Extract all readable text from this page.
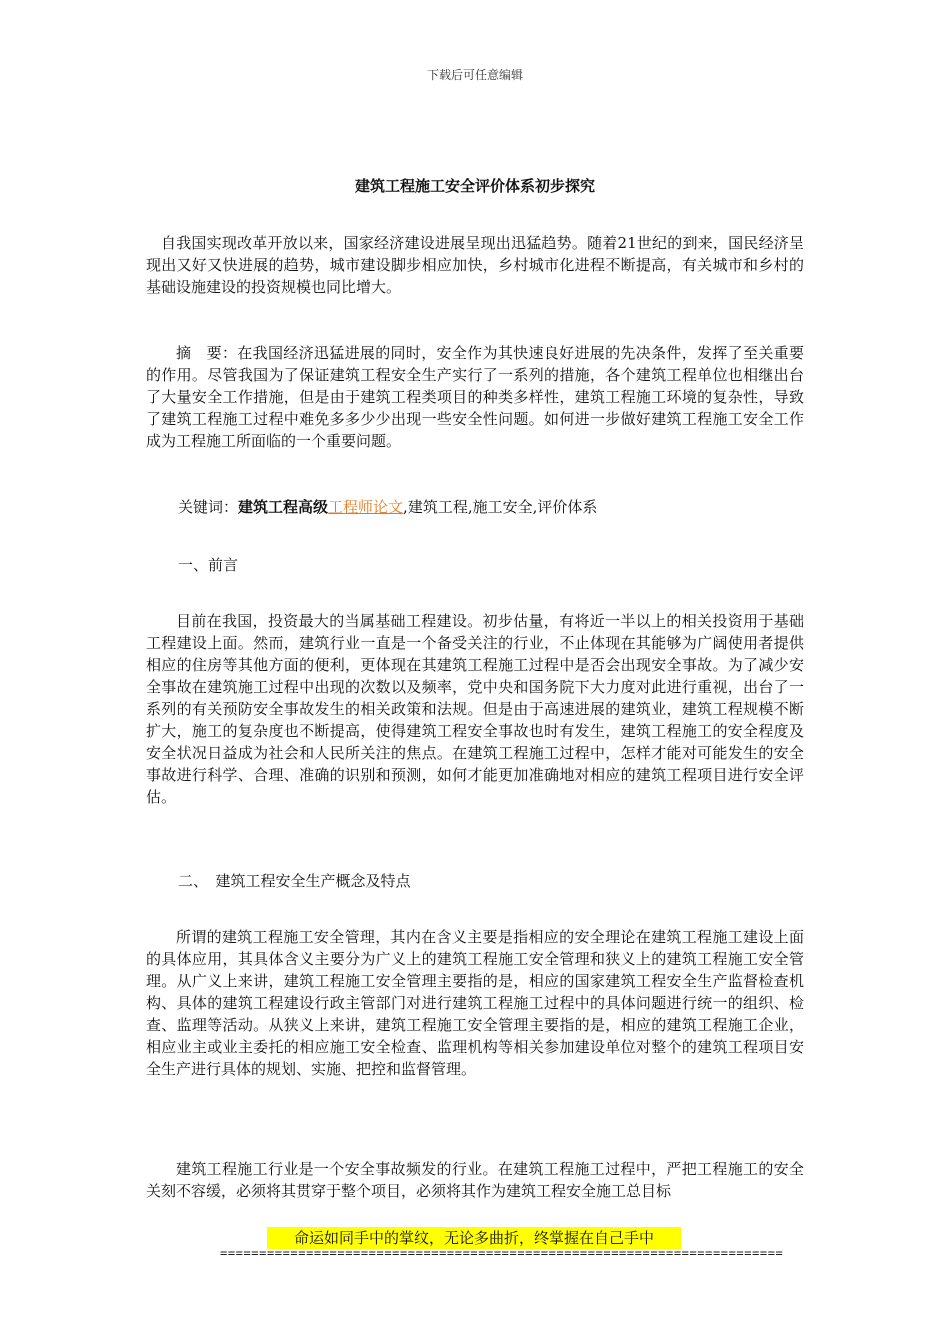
下载后可任意编辑
建筑工程施工安全评价体系初步探究

自我国实现改革开放以来，国家经济建设进展呈现出迅猛趋势。随着21世纪的到来，国民经济呈现出又好又快进展的趋势，城市建设脚步相应加快，乡村城市化进程不断提高，有关城市和乡村的基础设施建设的投资规模也同比增大。

摘　要：在我国经济迅猛进展的同时，安全作为其快速良好进展的先决条件，发挥了至关重要的作用。尽管我国为了保证建筑工程安全生产实行了一系列的措施，各个建筑工程单位也相继出台了大量安全工作措施，但是由于建筑工程类项目的种类多样性，建筑工程施工环境的复杂性，导致了建筑工程施工过程中难免多多少少出现一些安全性问题。如何进一步做好建筑工程施工安全工作成为工程施工所面临的一个重要问题。

关键词：建筑工程高级工程师论文,建筑工程,施工安全,评价体系

一、前言

目前在我国，投资最大的当属基础工程建设。初步估量，有将近一半以上的相关投资用于基础工程建设上面。然而，建筑行业一直是一个备受关注的行业，不止体现在其能够为广阔使用者提供相应的住房等其他方面的便利，更体现在其建筑工程施工过程中是否会出现安全事故。为了减少安全事故在建筑施工过程中出现的次数以及频率，党中央和国务院下大力度对此进行重视，出台了一系列的有关预防安全事故发生的相关政策和法规。但是由于高速进展的建筑业，建筑工程规模不断扩大，施工的复杂度也不断提高，使得建筑工程安全事故也时有发生，建筑工程施工的安全程度及安全状况日益成为社会和人民所关注的焦点。在建筑工程施工过程中，怎样才能对可能发生的安全事故进行科学、合理、准确的识别和预测，如何才能更加准确地对相应的建筑工程项目进行安全评估。

二、　建筑工程安全生产概念及特点

所谓的建筑工程施工安全管理，其内在含义主要是指相应的安全理论在建筑工程施工建设上面的具体应用，其具体含义主要分为广义上的建筑工程施工安全管理和狭义上的建筑工程施工安全管理。从广义上来讲，建筑工程施工安全管理主要指的是，相应的国家建筑工程安全生产监督检查机构、具体的建筑工程建设行政主管部门对进行建筑工程施工过程中的具体问题进行统一的组织、检查、监理等活动。从狭义上来讲，建筑工程施工安全管理主要指的是，相应的建筑工程施工企业，相应业主或业主委托的相应施工安全检查、监理机构等相关参加建设单位对整个的建筑工程项目安全生产进行具体的规划、实施、把控和监督管理。

建筑工程施工行业是一个安全事故频发的行业。在建筑工程施工过程中，严把工程施工的安全关刻不容缓，必须将其贯穿于整个项目，必须将其作为建筑工程安全施工总目标

命运如同手中的掌纹，无论多曲折，终掌握在自己手中
========================================================================
